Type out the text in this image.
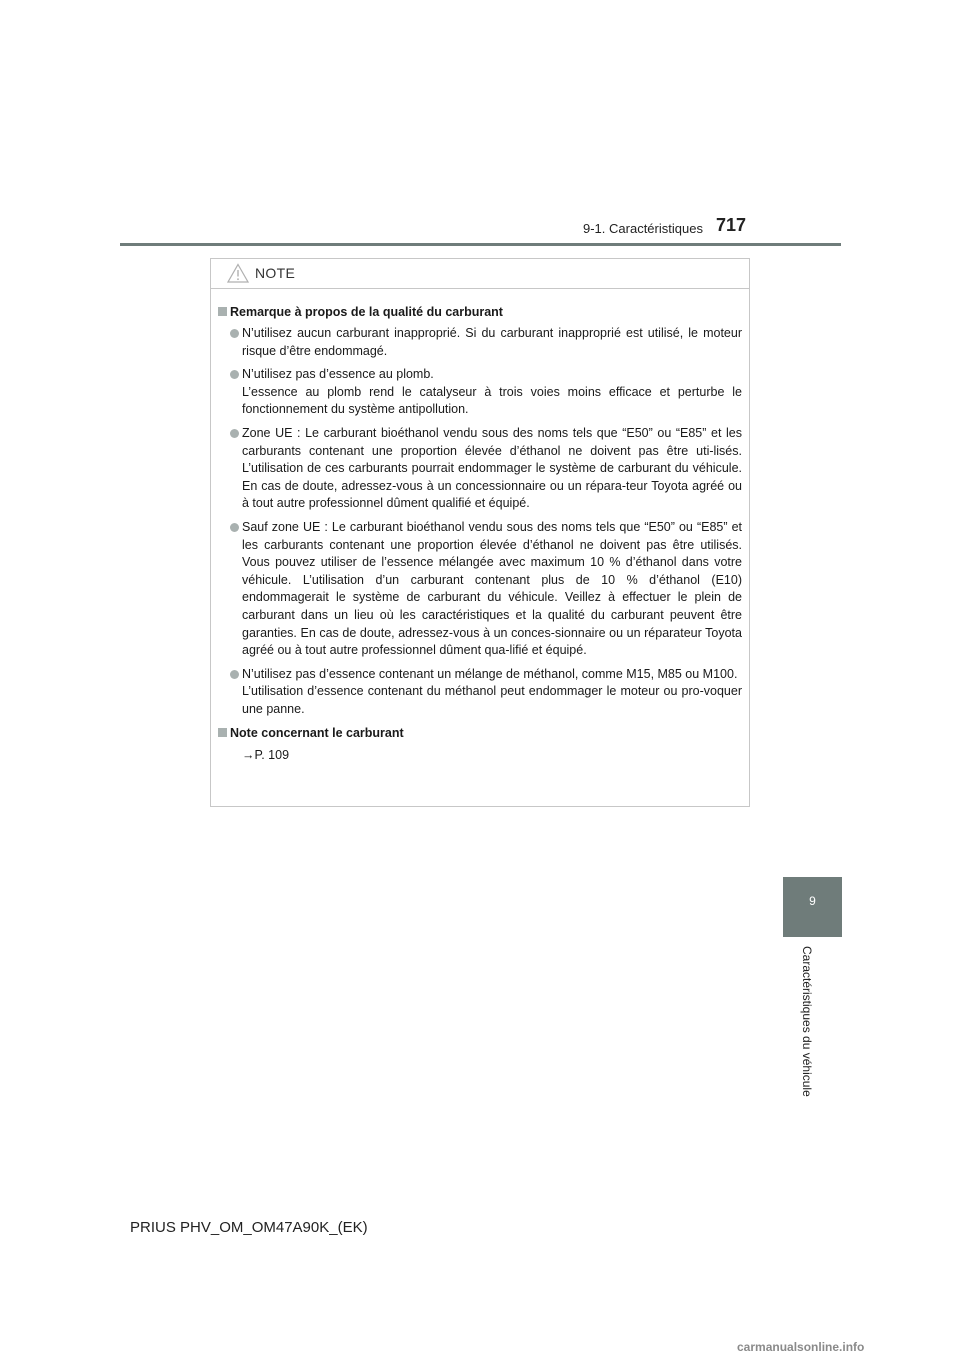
9-1. Caractéristiques 717
NOTE
Remarque à propos de la qualité du carburant

N’utilisez aucun carburant inapproprié. Si du carburant inapproprié est utilisé, le moteur risque d’être endommagé.

N’utilisez pas d’essence au plomb.

L’essence au plomb rend le catalyseur à trois voies moins efficace et perturbe le fonctionnement du système antipollution.

Zone UE : Le carburant bioéthanol vendu sous des noms tels que “E50” ou “E85” et les carburants contenant une proportion élevée d’éthanol ne doivent pas être uti-lisés. L’utilisation de ces carburants pourrait endommager le système de carburant du véhicule. En cas de doute, adressez-vous à un concessionnaire ou un répara-teur Toyota agréé ou à tout autre professionnel dûment qualifié et équipé.

Sauf zone UE : Le carburant bioéthanol vendu sous des noms tels que “E50” ou “E85” et les carburants contenant une proportion élevée d’éthanol ne doivent pas être utilisés. Vous pouvez utiliser de l’essence mélangée avec maximum 10 % d’éthanol dans votre véhicule. L’utilisation d’un carburant contenant plus de 10 % d’éthanol (E10) endommagerait le système de carburant du véhicule. Veillez à effectuer le plein de carburant dans un lieu où les caractéristiques et la qualité du carburant peuvent être garanties. En cas de doute, adressez-vous à un conces-sionnaire ou un réparateur Toyota agréé ou à tout autre professionnel dûment qua-lifié et équipé.

N’utilisez pas d’essence contenant un mélange de méthanol, comme M15, M85 ou M100.

L’utilisation d’essence contenant du méthanol peut endommager le moteur ou pro-voquer une panne.

Note concernant le carburant
→P. 109
9
Caractéristiques du véhicule
PRIUS PHV_OM_OM47A90K_(EK)
carmanualsonline.info
